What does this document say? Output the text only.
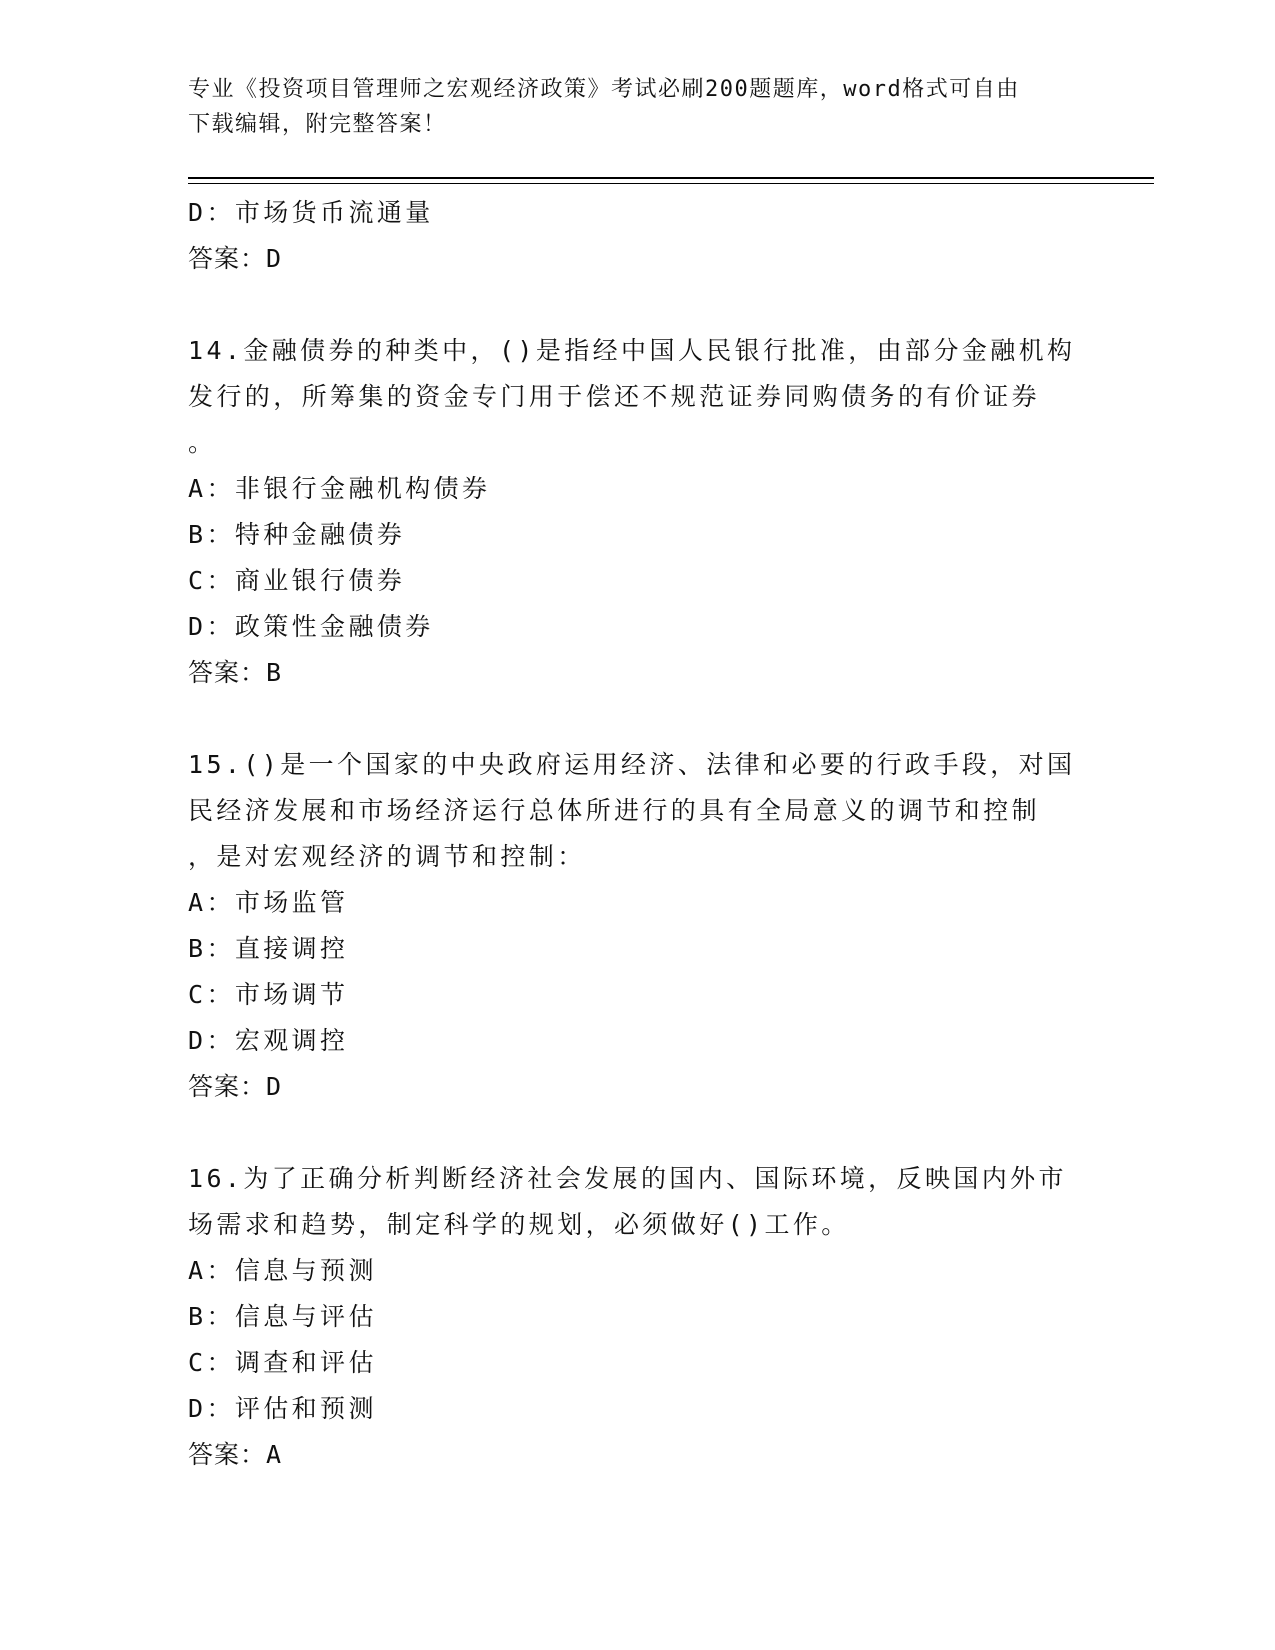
专业《投资项目管理师之宏观经济政策》考试必刷200题题库，word格式可自由
下载编辑，附完整答案！
D：市场货币流通量
答案：D
14.金融债券的种类中，()是指经中国人民银行批准，由部分金融机构
发行的，所筹集的资金专门用于偿还不规范证券同购债务的有价证券
。
A：非银行金融机构债券
B：特种金融债券
C：商业银行债券
D：政策性金融债券
答案：B
15.()是一个国家的中央政府运用经济、法律和必要的行政手段，对国
民经济发展和市场经济运行总体所进行的具有全局意义的调节和控制
，是对宏观经济的调节和控制：
A：市场监管
B：直接调控
C：市场调节
D：宏观调控
答案：D
16.为了正确分析判断经济社会发展的国内、国际环境，反映国内外市
场需求和趋势，制定科学的规划，必须做好()工作。
A：信息与预测
B：信息与评估
C：调查和评估
D：评估和预测
答案：A
